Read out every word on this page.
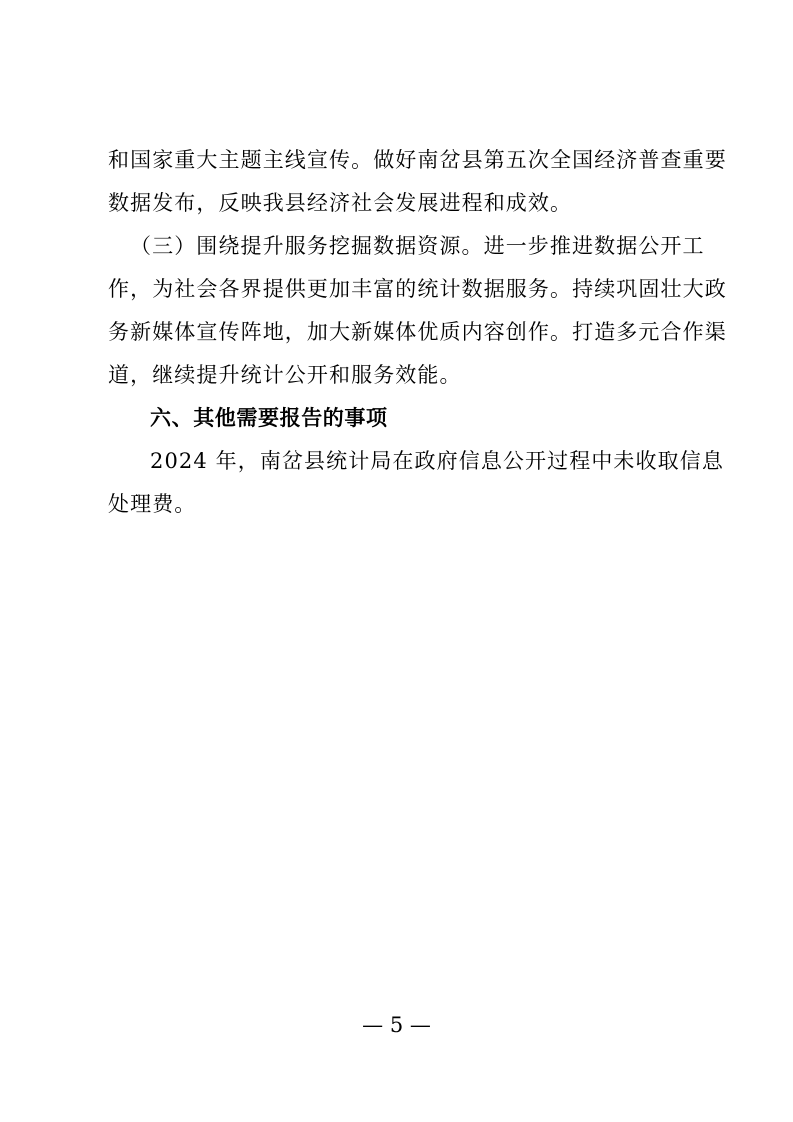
和国家重大主题主线宣传。做好南岔县第五次全国经济普查重要
数据发布，反映我县经济社会发展进程和成效。
（三）围绕提升服务挖掘数据资源。进一步推进数据公开工
作，为社会各界提供更加丰富的统计数据服务。持续巩固壮大政
务新媒体宣传阵地，加大新媒体优质内容创作。打造多元合作渠
道，继续提升统计公开和服务效能。
六、其他需要报告的事项
2024 年，南岔县统计局在政府信息公开过程中未收取信息
处理费。
— 5 —
